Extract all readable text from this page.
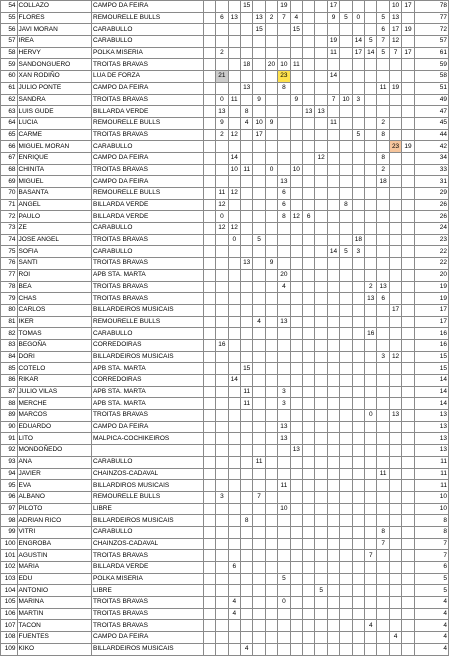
54	COLLAZO	CAMPO DA FEIRA				15			19				17					10	17	78
55	FLORES	REMOURELLE BULLS		6	13		13	2	7	4			9	5	0		5	13		77
56	JAVI MORAN	CARABULLO					15			15							6	17	19	72
57	IREA	CARABULLO											19		14	5	7	12		57
58	HERVY	POLKA MISERIA		2									11		17	14	5	7	17	61
59	SANDONGUERO	TROITAS BRAVAS				18		20	10	11										59
60	XAN RODIÑO	LUA DE FORZA		21					23				14							58
61	JULIO PONTE	CAMPO DA FEIRA				13			8								11	19		51
62	SANDRA	TROITAS BRAVAS		0	11		9			9			7	10	3					49
63	LUIS GUDE	BILLARDA VERDE		13		8					13	13								47
64	LUCIA	REMOURELLE BULLS		9		4	10	9					11				2			45
65	CARME	TROITAS BRAVAS		2	12		17								5		8			44
66	MIGUEL MORAN	CARABULLO																23	19	42
67	ENRIQUE	CAMPO DA FEIRA			14							12					8			34
68	CHINITA	TROITAS BRAVAS			10	11		0		10							2			33
69	MIGUEL	CAMPO DA FEIRA							13								18			31
70	BASANTA	REMOURELLE BULLS		11	12				6											29
71	ANGEL	BILLARDA VERDE		12					6					8						26
72	PAULO	BILLARDA VERDE		0					8	12	6									26
73	ZE	CARABULLO		12	12															24
74	JOSE ANGEL	TROITAS BRAVAS			0		5								18					23
75	SOFIA	CARABULLO											14	5	3					22
76	SANTI	TROITAS BRAVAS				13		9												22
77	ROI	APB STA. MARTA							20											20
78	BEA	TROITAS BRAVAS							4							2	13			19
79	CHAS	TROITAS BRAVAS														13	6			19
80	CARLOS	BILLARDEIROS MUSICAIS																17		17
81	IKER	REMOURELLE BULLS					4		13											17
82	TOMAS	CARABULLO														16				16
83	BEGOÑA	CORREDOIRAS		16																16
84	DORI	BILLARDEIROS MUSICAIS															3	12		15
85	COTELO	APB STA. MARTA				15														15
86	RIKAR	CORREDOIRAS			14															14
87	JULIO VILAS	APB STA. MARTA				11			3											14
88	MERCHE	APB STA. MARTA				11			3											14
89	MARCOS	TROITAS BRAVAS														0		13		13
90	EDUARDO	CAMPO DA FEIRA							13											13
91	LITO	MALPICA-COCHIKEIROS							13											13
92	MONDOÑEDO									13										13
93	ANA	CARABULLO					11													11
94	JAVIER	CHAINZOS-CADAVAL															11			11
95	EVA	BILLARDIROS MUSICAIS							11											11
96	ALBANO	REMOURELLE BULLS		3			7													10
97	PILOTO	LIBRE							10											10
98	ADRIAN RICO	BILLARDEIROS MUSICAIS				8														8
99	VITRI	CARABULLO															8			8
100	ENGROBA	CHAINZOS-CADAVAL															7			7
101	AGUSTIN	TROITAS BRAVAS														7				7
102	MARIA	BILLARDA VERDE			6															6
103	EDU	POLKA MISERIA							5											5
104	ANTONIO	LIBRE										5								5
105	MARINA	TROITAS BRAVAS			4				0											4
106	MARTIN	TROITAS BRAVAS			4															4
107	TACON	TROITAS BRAVAS														4				4
108	FUENTES	CAMPO DA FEIRA																4		4
109	KIKO	BILLARDEIROS MUSICAIS				4														4
